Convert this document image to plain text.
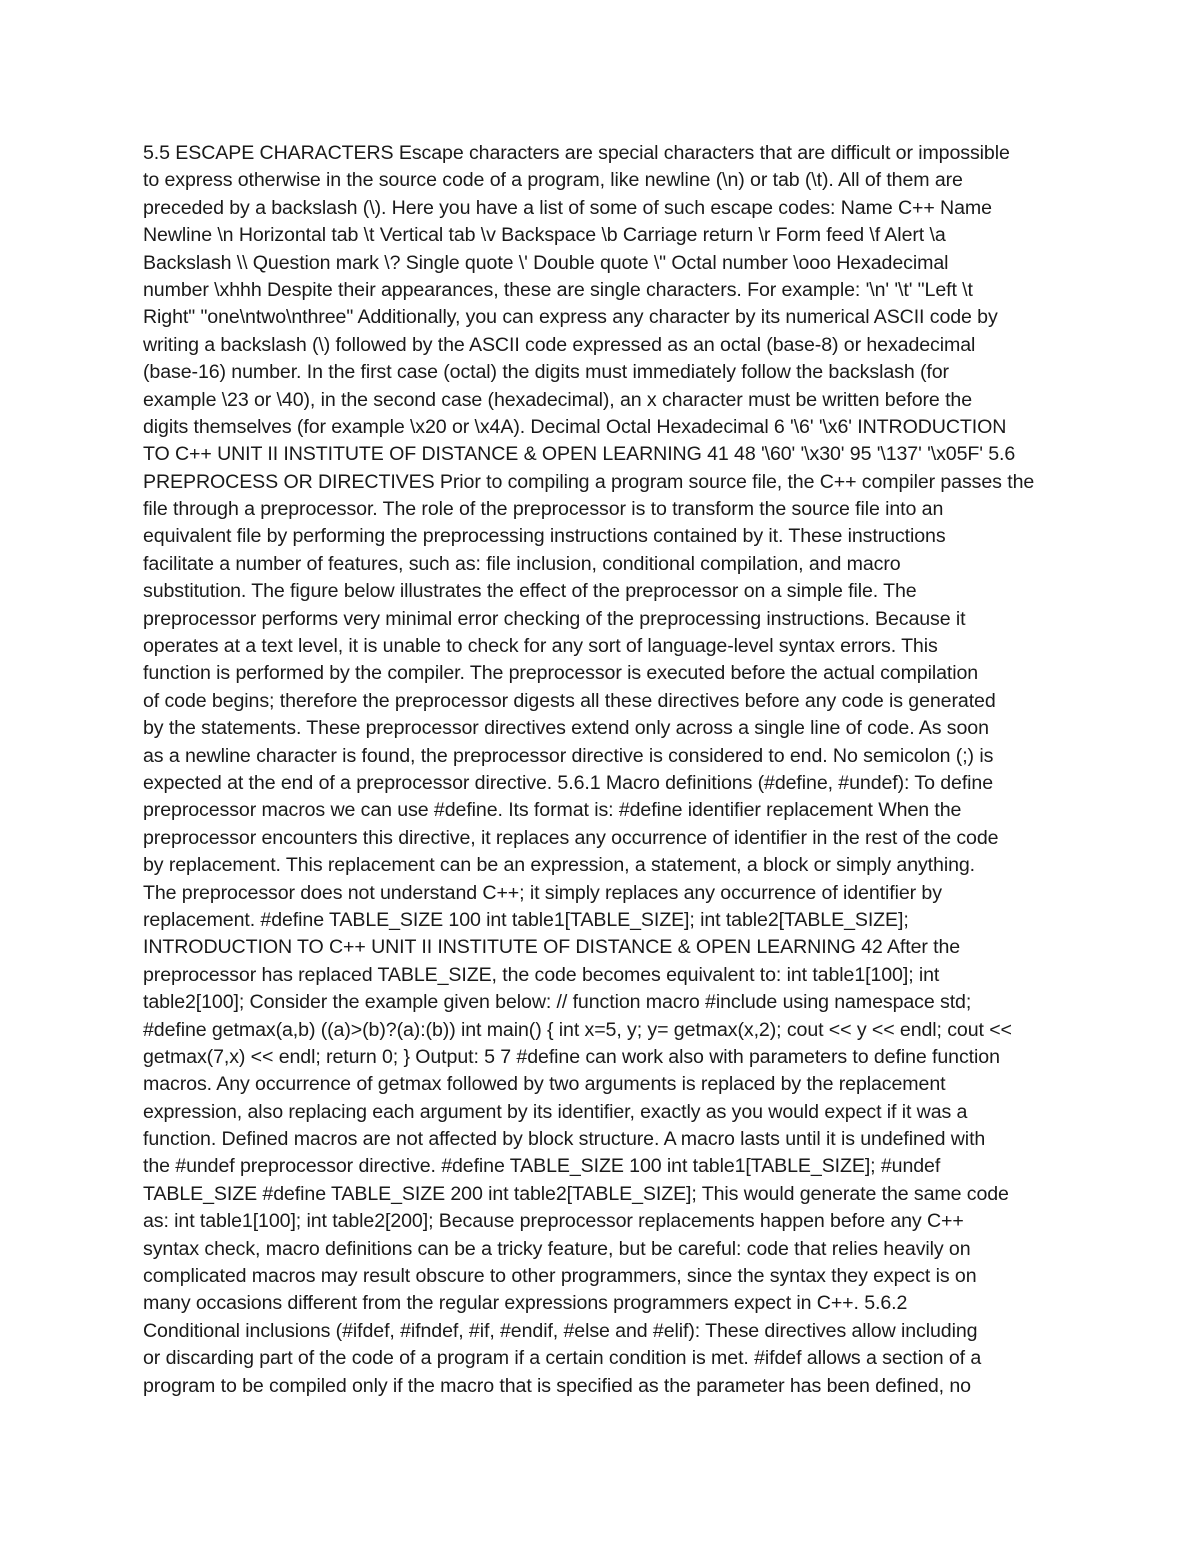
5.5 ESCAPE CHARACTERS Escape characters are special characters that are difficult or impossible
to express otherwise in the source code of a program, like newline (\n) or tab (\t). All of them are
preceded by a backslash (\). Here you have a list of some of such escape codes: Name C++ Name
Newline \n Horizontal tab \t Vertical tab \v Backspace \b Carriage return \r Form feed \f Alert \a
Backslash \\ Question mark \? Single quote \' Double quote \" Octal number \ooo Hexadecimal
number \xhhh Despite their appearances, these are single characters. For example: '\n' '\t' "Left \t
Right" "one\ntwo\nthree" Additionally, you can express any character by its numerical ASCII code by
writing a backslash (\) followed by the ASCII code expressed as an octal (base-8) or hexadecimal
(base-16) number. In the first case (octal) the digits must immediately follow the backslash (for
example \23 or \40), in the second case (hexadecimal), an x character must be written before the
digits themselves (for example \x20 or \x4A). Decimal Octal Hexadecimal 6 '\6' '\x6' INTRODUCTION
TO C++ UNIT II INSTITUTE OF DISTANCE & OPEN LEARNING 41 48 '\60' '\x30' 95 '\137' '\x05F' 5.6
PREPROCESS OR DIRECTIVES Prior to compiling a program source file, the C++ compiler passes the
file through a preprocessor. The role of the preprocessor is to transform the source file into an
equivalent file by performing the preprocessing instructions contained by it. These instructions
facilitate a number of features, such as: file inclusion, conditional compilation, and macro
substitution. The figure below illustrates the effect of the preprocessor on a simple file. The
preprocessor performs very minimal error checking of the preprocessing instructions. Because it
operates at a text level, it is unable to check for any sort of language-level syntax errors. This
function is performed by the compiler. The preprocessor is executed before the actual compilation
of code begins; therefore the preprocessor digests all these directives before any code is generated
by the statements. These preprocessor directives extend only across a single line of code. As soon
as a newline character is found, the preprocessor directive is considered to end. No semicolon (;) is
expected at the end of a preprocessor directive. 5.6.1 Macro definitions (#define, #undef): To define
preprocessor macros we can use #define. Its format is: #define identifier replacement When the
preprocessor encounters this directive, it replaces any occurrence of identifier in the rest of the code
by replacement. This replacement can be an expression, a statement, a block or simply anything.
The preprocessor does not understand C++; it simply replaces any occurrence of identifier by
replacement. #define TABLE_SIZE 100 int table1[TABLE_SIZE]; int table2[TABLE_SIZE];
INTRODUCTION TO C++ UNIT II INSTITUTE OF DISTANCE & OPEN LEARNING 42 After the
preprocessor has replaced TABLE_SIZE, the code becomes equivalent to: int table1[100]; int
table2[100]; Consider the example given below: // function macro #include using namespace std;
#define getmax(a,b) ((a)>(b)?(a):(b)) int main() { int x=5, y; y= getmax(x,2); cout << y << endl; cout <<
getmax(7,x) << endl; return 0; } Output: 5 7 #define can work also with parameters to define function
macros. Any occurrence of getmax followed by two arguments is replaced by the replacement
expression, also replacing each argument by its identifier, exactly as you would expect if it was a
function. Defined macros are not affected by block structure. A macro lasts until it is undefined with
the #undef preprocessor directive. #define TABLE_SIZE 100 int table1[TABLE_SIZE]; #undef
TABLE_SIZE #define TABLE_SIZE 200 int table2[TABLE_SIZE]; This would generate the same code
as: int table1[100]; int table2[200]; Because preprocessor replacements happen before any C++
syntax check, macro definitions can be a tricky feature, but be careful: code that relies heavily on
complicated macros may result obscure to other programmers, since the syntax they expect is on
many occasions different from the regular expressions programmers expect in C++. 5.6.2
Conditional inclusions (#ifdef, #ifndef, #if, #endif, #else and #elif): These directives allow including
or discarding part of the code of a program if a certain condition is met. #ifdef allows a section of a
program to be compiled only if the macro that is specified as the parameter has been defined, no
